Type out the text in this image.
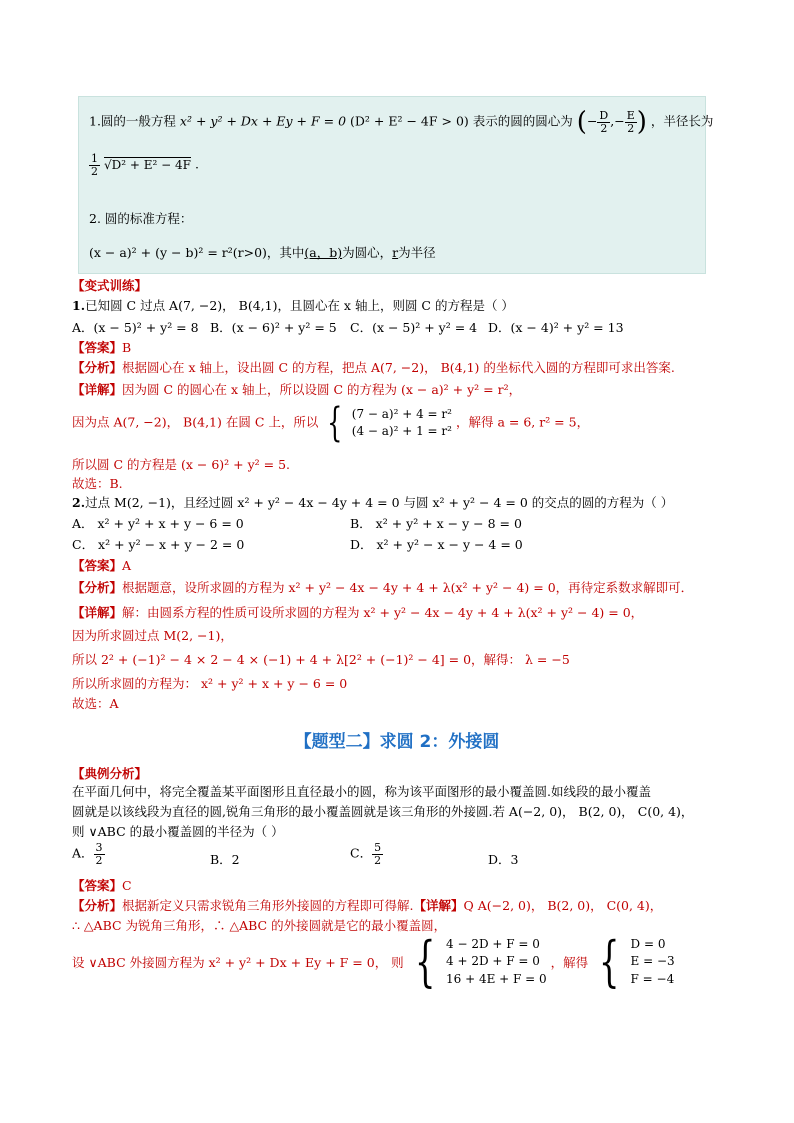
1.圆的一般方程 x² + y² + Dx + Ey + F = 0 (D² + E² − 4F > 0) 表示的圆的圆心为 (− $\frac{D}{2}$ ,− $\frac{E}{2}$ ) ，半径长为
$\frac{1}{2} √D^2 + E^2 - 4F$ .
2. 圆的标准方程：
(x − a)² + (y − b)² = r²(r>0)，其中(a，b)为圆心，r为半径
【变式训练】
1.已知圆 C 过点 A(7, −2)， B(4,1)，且圆心在 x 轴上，则圆 C 的方程是（ ）
A．(x − 5)² + y² = 8 B．(x − 6)² + y² = 5 C．(x − 5)² + y² = 4 D．(x − 4)² + y² = 13
【答案】B
【分析】根据圆心在 x 轴上，设出圆 C 的方程，把点 A(7, −2)， B(4,1) 的坐标代入圆的方程即可求出答案.
【详解】因为圆 C 的圆心在 x 轴上，所以设圆 C 的方程为 (x − a)² + y² = r²，
因为点 A(7, −2)， B(4,1) 在圆 C 上，所以 { (7 − a)² + 4 = r²
(4 − a)² + 1 = r²
，解得 a = 6, r² = 5，
所以圆 C 的方程是 (x − 6)² + y² = 5.
故选：B.
2.过点 M(2, −1)，且经过圆 x² + y² − 4x − 4y + 4 = 0 与圆 x² + y² − 4 = 0 的交点的圆的方程为（ ）
A． x² + y² + x + y − 6 = 0	B． x² + y² + x − y − 8 = 0
C． x² + y² − x + y − 2 = 0	D． x² + y² − x − y − 4 = 0
【答案】A
【分析】根据题意，设所求圆的方程为 x² + y² − 4x − 4y + 4 + λ(x² + y² − 4) = 0，再待定系数求解即可．
【详解】解：由圆系方程的性质可设所求圆的方程为 x² + y² − 4x − 4y + 4 + λ(x² + y² − 4) = 0，
因为所求圆过点 M(2, −1)，
所以 2² + (−1)² − 4 × 2 − 4 × (−1) + 4 + λ[2² + (−1)² − 4] = 0，解得： λ = −5
所以所求圆的方程为： x² + y² + x + y − 6 = 0
故选：A
【题型二】求圆 2：外接圆
【典例分析】
在平面几何中，将完全覆盖某平面图形且直径最小的圆，称为该平面图形的最小覆盖圆.如线段的最小覆盖
圆就是以该线段为直径的圆,锐角三角形的最小覆盖圆就是该三角形的外接圆.若 A(−2, 0)， B(2, 0)， C(0, 4)，
则 ∨ABC 的最小覆盖圆的半径为（ ）
A． $\frac{3}{2}$	B．2	C． $\frac{5}{2}$	D．3
【答案】C
【分析】根据新定义只需求锐角三角形外接圆的方程即可得解.【详解】Q A(−2, 0)， B(2, 0)， C(0, 4)，
∴ △ABC 为锐角三角形，∴ △ABC 的外接圆就是它的最小覆盖圆，
设 ∨ABC 外接圆方程为 x² + y² + Dx + Ey + F = 0， 则 { 4 − 2D + F = 0
4 + 2D + F = 0
16 + 4E + F = 0
，解得 { D = 0
E = −3
F = −4
